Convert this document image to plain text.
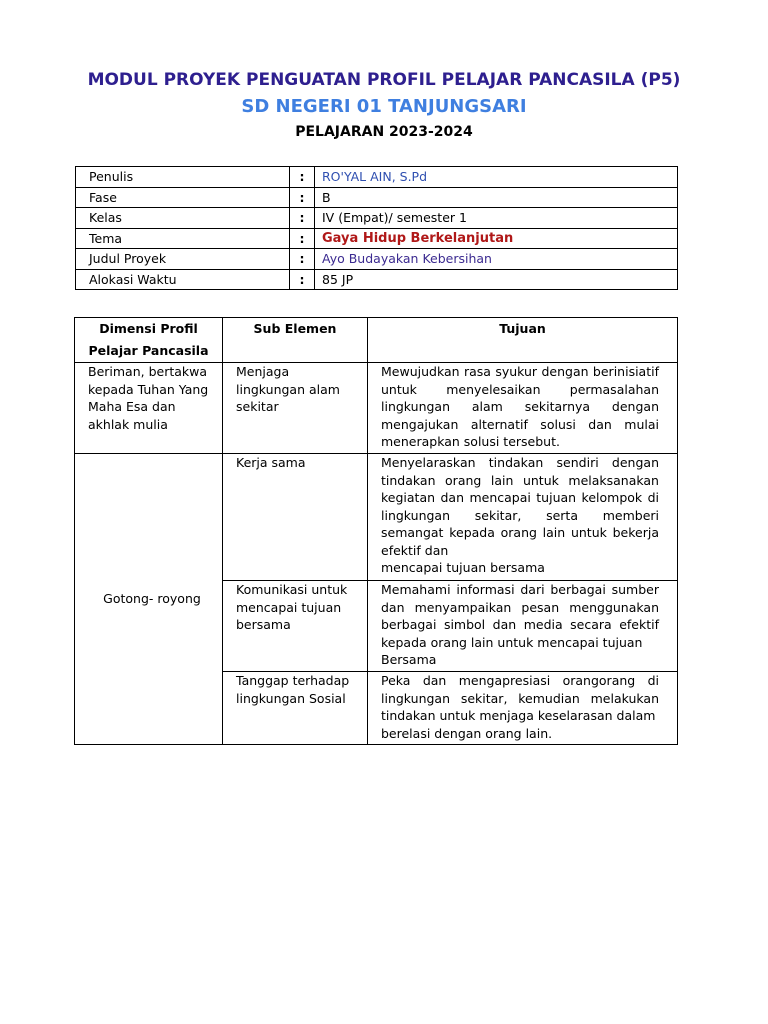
MODUL PROYEK PENGUATAN PROFIL PELAJAR PANCASILA (P5)
SD NEGERI 01 TANJUNGSARI
PELAJARAN 2023-2024
Penulis	:	RO'YAL AIN, S.Pd
Fase	:	B
Kelas	:	IV (Empat)/ semester 1
Tema	:	Gaya Hidup Berkelanjutan
Judul Proyek	:	Ayo Budayakan Kebersihan
Alokasi Waktu	:	85 JP
Dimensi Profil
Pelajar Pancasila	Sub Elemen	Tujuan
Beriman, bertakwa kepada Tuhan Yang Maha Esa dan akhlak mulia	Menjaga lingkungan alam sekitar	Mewujudkan rasa syukur dengan berinisiatif untuk menyelesaikan permasalahan lingkungan alam sekitarnya dengan mengajukan alternatif solusi dan mulai menerapkan solusi tersebut.
Gotong- royong	Kerja sama	Menyelaraskan tindakan sendiri dengan tindakan orang lain untuk melaksanakan kegiatan dan mencapai tujuan kelompok di lingkungan sekitar, serta memberi semangat kepada orang lain untuk bekerja efektif dan
mencapai tujuan bersama

	Komunikasi untuk mencapai tujuan bersama	Memahami informasi dari berbagai sumber dan menyampaikan pesan menggunakan berbagai simbol dan media secara efektif kepada orang lain untuk mencapai tujuan
Bersama

	Tanggap terhadap lingkungan Sosial	Peka dan mengapresiasi orangorang di lingkungan sekitar, kemudian melakukan tindakan untuk menjaga keselarasan dalam
berelasi dengan orang lain.
